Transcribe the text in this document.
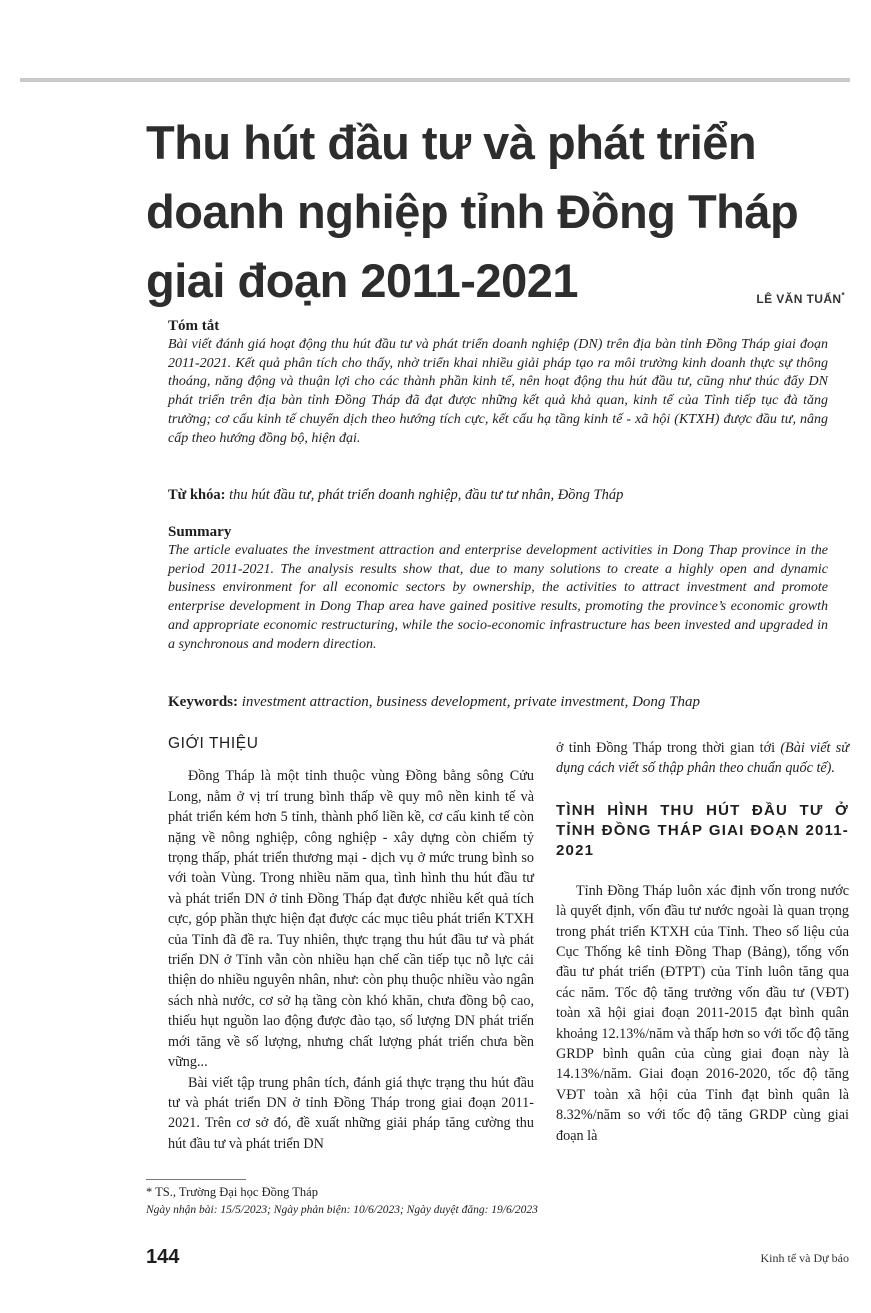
Thu hút đầu tư và phát triển
doanh nghiệp tỉnh Đồng Tháp
giai đoạn 2011-2021	LÊ VĂN TUẤN*
Tóm tắt
Bài viết đánh giá hoạt động thu hút đầu tư và phát triển doanh nghiệp (DN) trên địa bàn tỉnh Đồng Tháp giai đoạn 2011-2021. Kết quả phân tích cho thấy, nhờ triển khai nhiều giải pháp tạo ra môi trường kinh doanh thực sự thông thoáng, năng động và thuận lợi cho các thành phần kinh tế, nên hoạt động thu hút đầu tư, cũng như thúc đẩy DN phát triển trên địa bàn tỉnh Đồng Tháp đã đạt được những kết quả khả quan, kinh tế của Tỉnh tiếp tục đà tăng trưởng; cơ cấu kinh tế chuyển dịch theo hướng tích cực, kết cấu hạ tầng kinh tế - xã hội (KTXH) được đầu tư, nâng cấp theo hướng đồng bộ, hiện đại.
Từ khóa: thu hút đầu tư, phát triển doanh nghiệp, đầu tư tư nhân, Đồng Tháp
Summary
The article evaluates the investment attraction and enterprise development activities in Dong Thap province in the period 2011-2021. The analysis results show that, due to many solutions to create a highly open and dynamic business environment for all economic sectors by ownership, the activities to attract investment and promote enterprise development in Dong Thap area have gained positive results, promoting the province’s economic growth and appropriate economic restructuring, while the socio-economic infrastructure has been invested and upgraded in a synchronous and modern direction.
Keywords: investment attraction, business development, private investment, Dong Thap
GIỚI THIỆU

Đồng Tháp là một tỉnh thuộc vùng Đồng bằng sông Cửu Long, nằm ở vị trí trung bình thấp về quy mô nền kinh tế và phát triển kém hơn 5 tỉnh, thành phố liền kề, cơ cấu kinh tế còn nặng về nông nghiệp, công nghiệp - xây dựng còn chiếm tỷ trọng thấp, phát triển thương mại - dịch vụ ở mức trung bình so với toàn Vùng. Trong nhiều năm qua, tình hình thu hút đầu tư và phát triển DN ở tỉnh Đồng Tháp đạt được nhiều kết quả tích cực, góp phần thực hiện đạt được các mục tiêu phát triển KTXH của Tỉnh đã đề ra. Tuy nhiên, thực trạng thu hút đầu tư và phát triển DN ở Tỉnh vẫn còn nhiều hạn chế cần tiếp tục nỗ lực cải thiện do nhiều nguyên nhân, như: còn phụ thuộc nhiều vào ngân sách nhà nước, cơ sở hạ tầng còn khó khăn, chưa đồng bộ cao, thiếu hụt nguồn lao động được đào tạo, số lượng DN phát triển mới tăng về số lượng, nhưng chất lượng phát triển chưa bền vững...

Bài viết tập trung phân tích, đánh giá thực trạng thu hút đầu tư và phát triển DN ở tỉnh Đồng Tháp trong giai đoạn 2011-2021. Trên cơ sở đó, đề xuất những giải pháp tăng cường thu hút đầu tư và phát triển DN

ở tỉnh Đồng Tháp trong thời gian tới (Bài viết sử dụng cách viết số thập phân theo chuẩn quốc tế).

TÌNH HÌNH THU HÚT ĐẦU TƯ Ở TỈNH ĐỒNG THÁP GIAI ĐOẠN 2011-2021

Tỉnh Đồng Tháp luôn xác định vốn trong nước là quyết định, vốn đầu tư nước ngoài là quan trọng trong phát triển KTXH của Tỉnh. Theo số liệu của Cục Thống kê tỉnh Đồng Thap (Bảng), tổng vốn đầu tư phát triển (ĐTPT) của Tỉnh luôn tăng qua các năm. Tốc độ tăng trưởng vốn đầu tư (VĐT) toàn xã hội giai đoạn 2011-2015 đạt bình quân khoảng 12.13%/năm và thấp hơn so với tốc độ tăng GRDP bình quân của cùng giai đoạn này là 14.13%/năm. Giai đoạn 2016-2020, tốc độ tăng VĐT toàn xã hội của Tỉnh đạt bình quân là 8.32%/năm so với tốc độ tăng GRDP cùng giai đoạn là

* TS., Trường Đại học Đồng Tháp
Ngày nhận bài: 15/5/2023; Ngày phản biện: 10/6/2023; Ngày duyệt đăng: 19/6/2023
144	Kinh tế và Dự báo
